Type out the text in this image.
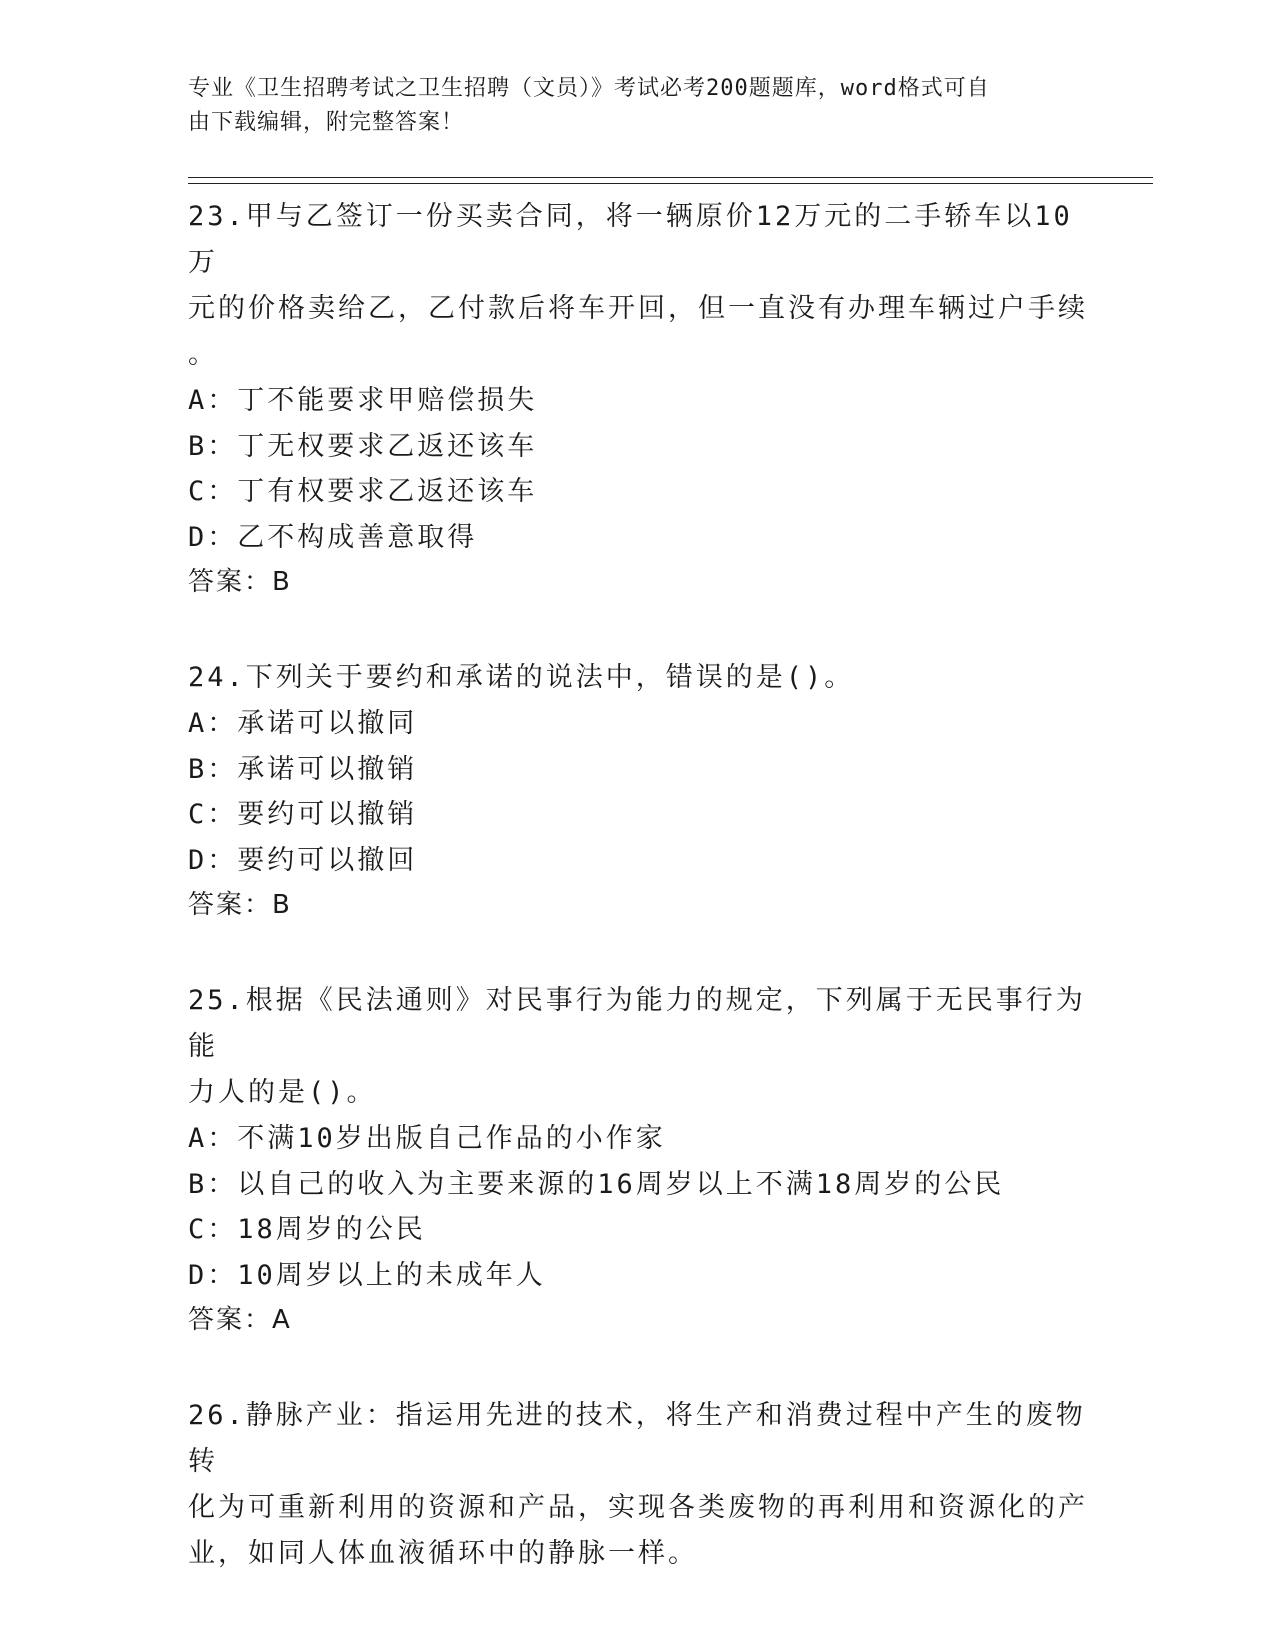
专业《卫生招聘考试之卫生招聘（文员）》考试必考200题题库，word格式可自
由下载编辑，附完整答案！

23.甲与乙签订一份买卖合同，将一辆原价12万元的二手轿车以10万

元的价格卖给乙，乙付款后将车开回，但一直没有办理车辆过户手续

。

A：丁不能要求甲赔偿损失

B：丁无权要求乙返还该车

C：丁有权要求乙返还该车

D：乙不构成善意取得

答案：B

24.下列关于要约和承诺的说法中，错误的是()。

A：承诺可以撤同

B：承诺可以撤销

C：要约可以撤销

D：要约可以撤回

答案：B

25.根据《民法通则》对民事行为能力的规定，下列属于无民事行为能

力人的是()。

A：不满10岁出版自己作品的小作家

B：以自己的收入为主要来源的16周岁以上不满18周岁的公民

C：18周岁的公民

D：10周岁以上的未成年人

答案：A

26.静脉产业：指运用先进的技术，将生产和消费过程中产生的废物转

化为可重新利用的资源和产品，实现各类废物的再利用和资源化的产

业，如同人体血液循环中的静脉一样。
